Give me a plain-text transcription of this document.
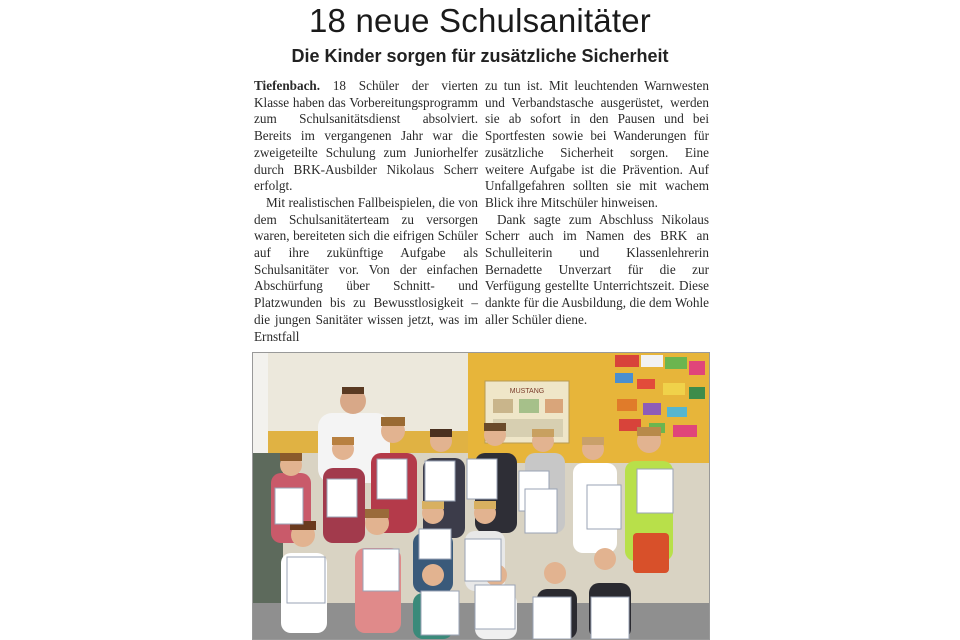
18 neue Schulsanitäter
Die Kinder sorgen für zusätzliche Sicherheit

Tiefenbach. 18 Schüler der vierten Klasse haben das Vorbereitungsprogramm zum Schulsanitätsdienst absolviert. Bereits im vergangenen Jahr war die zweigeteilte Schulung zum Juniorhelfer durch BRK-Ausbilder Nikolaus Scherr erfolgt.

Mit realistischen Fallbeispielen, die von dem Schulsanitäterteam zu versorgen waren, bereiteten sich die eifrigen Schüler auf ihre zukünftige Aufgabe als Schulsanitäter vor. Von der einfachen Abschürfung über Schnitt- und Platzwunden bis zu Bewusstlosigkeit – die jungen Sanitäter wissen jetzt, was im Ernstfall

zu tun ist. Mit leuchtenden Warnwesten und Verbandstasche ausgerüstet, werden sie ab sofort in den Pausen und bei Sportfesten sowie bei Wanderungen für zusätzliche Sicherheit sorgen. Eine weitere Aufgabe ist die Prävention. Auf Unfallgefahren sollten sie mit wachem Blick ihre Mitschüler hinweisen.

Dank sagte zum Abschluss Nikolaus Scherr auch im Namen des BRK an Schulleiterin und Klassenlehrerin Bernadette Unverzart für die zur Verfügung gestellte Unterrichtszeit. Diese dankte für die Ausbildung, die dem Wohle aller Schüler diene.

MUSTANG
